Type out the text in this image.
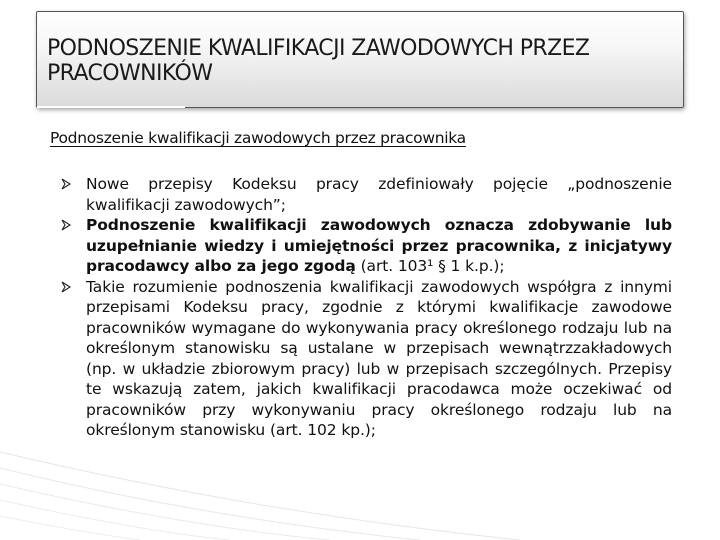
PODNOSZENIE KWALIFIKACJI ZAWODOWYCH PRZEZ PRACOWNIKÓW
Podnoszenie kwalifikacji zawodowych przez pracownika
Nowe przepisy Kodeksu pracy zdefiniowały pojęcie „podnoszenie kwalifikacji zawodowych”;
Podnoszenie kwalifikacji zawodowych oznacza zdobywanie lub uzupełnianie wiedzy i umiejętności przez pracownika, z inicjatywy pracodawcy albo za jego zgodą (art. 103¹ § 1 k.p.);
Takie rozumienie podnoszenia kwalifikacji zawodowych współgra z innymi przepisami Kodeksu pracy, zgodnie z którymi kwalifikacje zawodowe pracowników wymagane do wykonywania pracy określonego rodzaju lub na określonym stanowisku są ustalane w przepisach wewnątrzzakładowych (np. w układzie zbiorowym pracy) lub w przepisach szczególnych. Przepisy te wskazują zatem, jakich kwalifikacji pracodawca może oczekiwać od pracowników przy wykonywaniu pracy określonego rodzaju lub na określonym stanowisku (art. 102 kp.);
